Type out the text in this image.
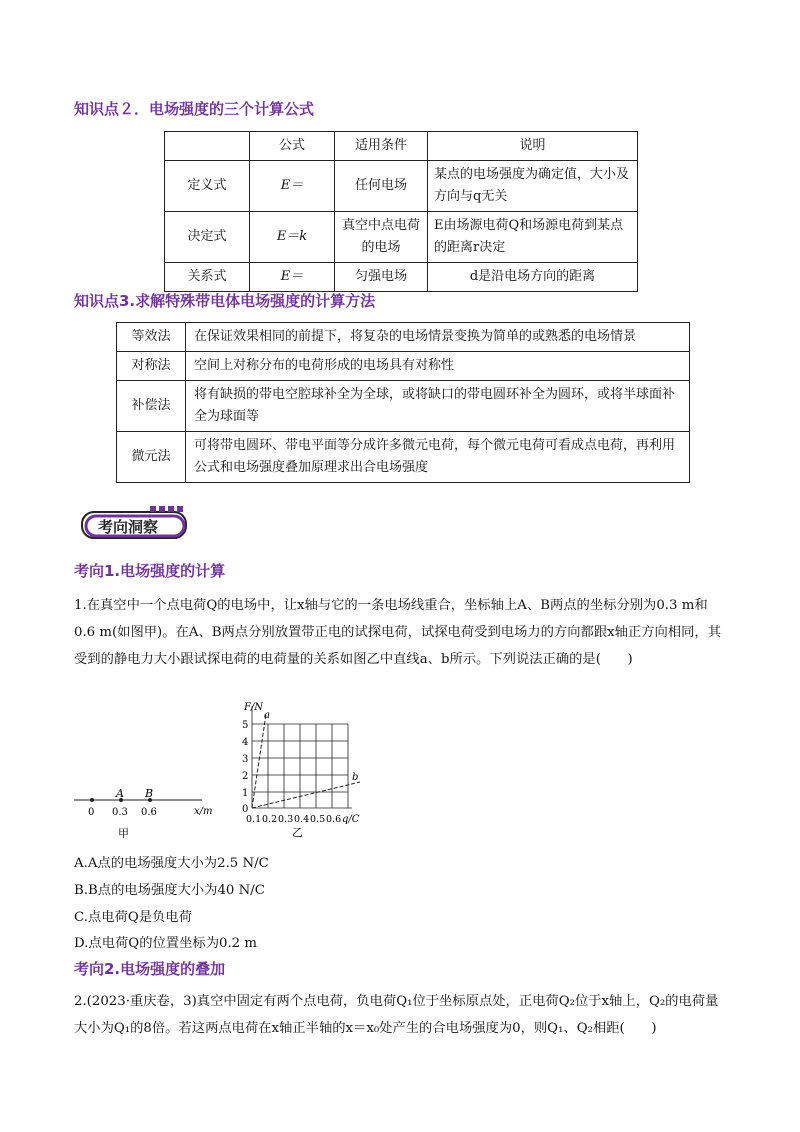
知识点２．电场强度的三个计算公式
	公式	适用条件	说明
定义式	E＝	任何电场	某点的电场强度为确定值，大小及方向与q无关
决定式	E＝k	真空中点电荷的电场	E由场源电荷Q和场源电荷到某点的距离r决定
关系式	E＝	匀强电场	d是沿电场方向的距离
知识点3.求解特殊带电体电场强度的计算方法
等效法	在保证效果相同的前提下，将复杂的电场情景变换为简单的或熟悉的电场情景
对称法	空间上对称分布的电荷形成的电场具有对称性
补偿法	将有缺损的带电空腔球补全为全球，或将缺口的带电圆环补全为圆环，或将半球面补全为球面等
微元法	可将带电圆环、带电平面等分成许多微元电荷，每个微元电荷可看成点电荷，再利用公式和电场强度叠加原理求出合电场强度
考向洞察
考向1.电场强度的计算
1.在真空中一个点电荷Q的电场中，让x轴与它的一条电场线重合，坐标轴上A、B两点的坐标分别为0.3 m和0.6 m(如图甲)。在A、B两点分别放置带正电的试探电荷，试探电荷受到电场力的方向都跟x轴正方向相同，其受到的静电力大小跟试探电荷的电荷量的关系如图乙中直线a、b所示。下列说法正确的是(　　)
A B
0 0.3 0.6	x/m
甲
a
b
F/N
5
4
3
2
1
0
0.1 0.2 0.3 0.4 0.5 0.6 q/C
乙
A.A点的电场强度大小为2.5 N/C
B.B点的电场强度大小为40 N/C
C.点电荷Q是负电荷
D.点电荷Q的位置坐标为0.2 m
考向2.电场强度的叠加
2.(2023·重庆卷，3)真空中固定有两个点电荷，负电荷Q₁位于坐标原点处，正电荷Q₂位于x轴上，Q₂的电荷量大小为Q₁的8倍。若这两点电荷在x轴正半轴的x＝x₀处产生的合电场强度为0，则Q₁、Q₂相距(　　)
